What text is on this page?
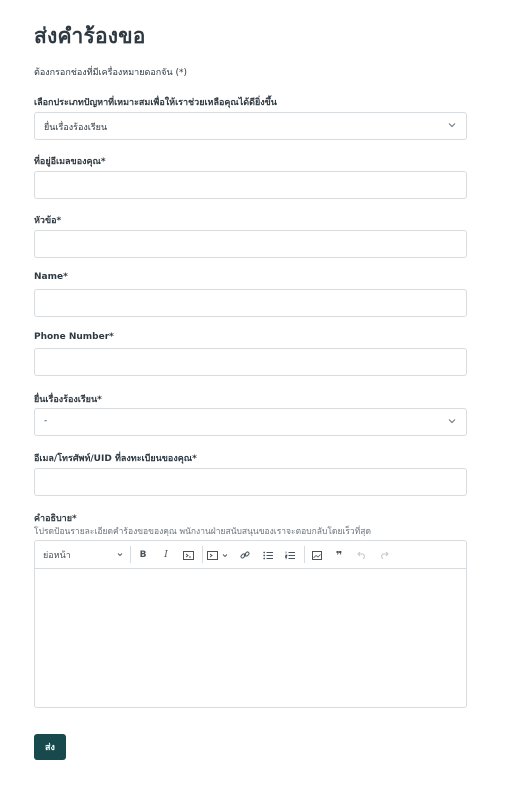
ส่งคำร้องขอ
ต้องกรอกช่องที่มีเครื่องหมายดอกจัน (*)
เลือกประเภทปัญหาที่เหมาะสมเพื่อให้เราช่วยเหลือคุณได้ดียิ่งขึ้น
ยื่นเรื่องร้องเรียน
ที่อยู่อีเมลของคุณ*
หัวข้อ*
Name*
Phone Number*
ยื่นเรื่องร้องเรียน*
-
อีเมล/โทรศัพท์/UID ที่ลงทะเบียนของคุณ*
คำอธิบาย*
โปรดป้อนรายละเอียดคำร้องขอของคุณ พนักงานฝ่ายสนับสนุนของเราจะตอบกลับโดยเร็วที่สุด
ย่อหน้า	B	I	❞
ส่ง
